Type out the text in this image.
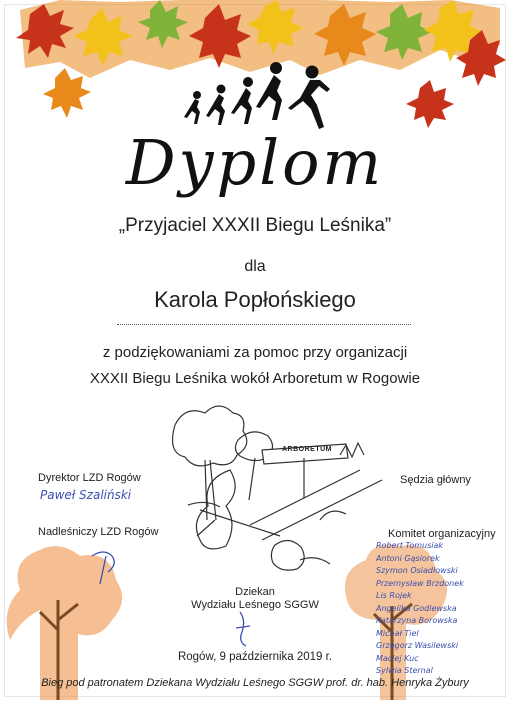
Dyplom
„Przyjaciel XXXII Biegu Leśnika”
dla
Karola Popłońskiego
z podziękowaniami za pomoc przy organizacji
XXXII Biegu Leśnika wokół Arboretum w Rogowie
ARBORETUM
Dyrektor LZD Rogów
Paweł Szaliński
Nadleśniczy LZD Rogów
Sędzia główny
Komitet organizacyjny
Robert Tomusiak
Antoni Gąsiorek
Szymon Osiadłowski
Przemysław Brzdonek
Lis Rojek
Angelika Godlewska
Katarzyna Borowska
Michał Tiel
Grzegorz Wasilewski
Maciej Kuc
Sylwia Sternal
Dziekan
Wydziału Leśnego SGGW
Rogów, 9 października 2019 r.
Bieg pod patronatem Dziekana Wydziału Leśnego SGGW prof. dr. hab. Henryka Żybury
